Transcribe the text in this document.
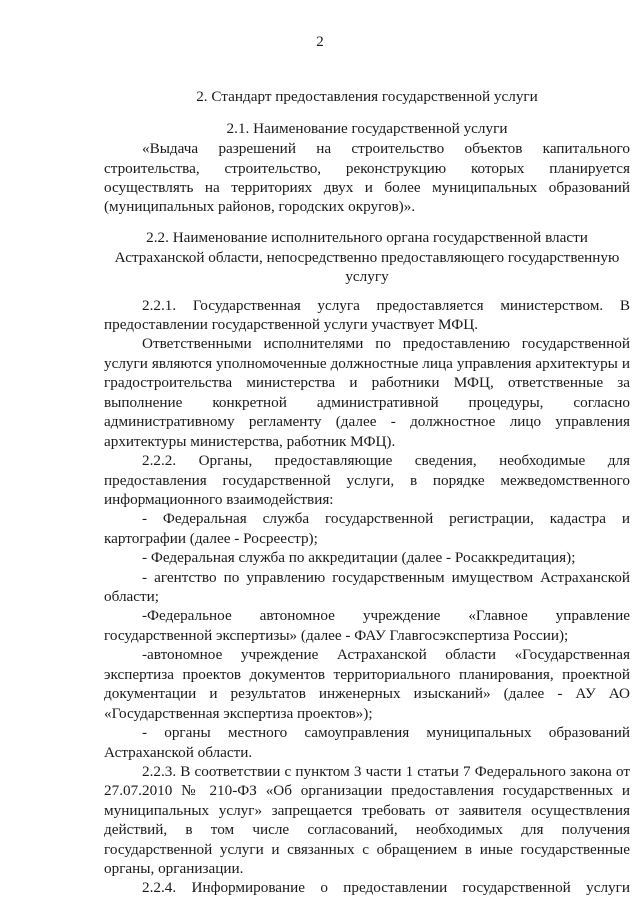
2
2. Стандарт предоставления государственной услуги
2.1. Наименование государственной услуги
«Выдача разрешений на строительство объектов капитального
строительства, строительство, реконструкцию которых планируется
осуществлять на территориях двух и более муниципальных образований
(муниципальных районов, городских округов)».
2.2. Наименование исполнительного органа государственной власти
Астраханской области, непосредственно предоставляющего государственную
услугу
2.2.1. Государственная услуга предоставляется министерством. В
предоставлении государственной услуги участвует МФЦ.
Ответственными исполнителями по предоставлению государственной
услуги являются уполномоченные должностные лица управления архитектуры и
градостроительства министерства и работники МФЦ, ответственные за
выполнение конкретной административной процедуры, согласно
административному регламенту (далее - должностное лицо управления
архитектуры министерства, работник МФЦ).
2.2.2. Органы, предоставляющие сведения, необходимые для
предоставления государственной услуги, в порядке межведомственного
информационного взаимодействия:
- Федеральная служба государственной регистрации, кадастра и
картографии (далее - Росреестр);
- Федеральная служба по аккредитации (далее - Росаккредитация);
- агентство по управлению государственным имуществом Астраханской
области;
-Федеральное автономное учреждение «Главное управление
государственной экспертизы» (далее - ФАУ Главгосэкспертиза России);
-автономное учреждение Астраханской области «Государственная
экспертиза проектов документов территориального планирования, проектной
документации и результатов инженерных изысканий» (далее - АУ АО
«Государственная экспертиза проектов»);
- органы местного самоуправления муниципальных образований
Астраханской области.
2.2.3. В соответствии с пунктом 3 части 1 статьи 7 Федерального закона от
27.07.2010 № 210-ФЗ «Об организации предоставления государственных и
муниципальных услуг» запрещается требовать от заявителя осуществления
действий, в том числе согласований, необходимых для получения
государственной услуги и связанных с обращением в иные государственные
органы, организации.
2.2.4. Информирование о предоставлении государственной услуги
